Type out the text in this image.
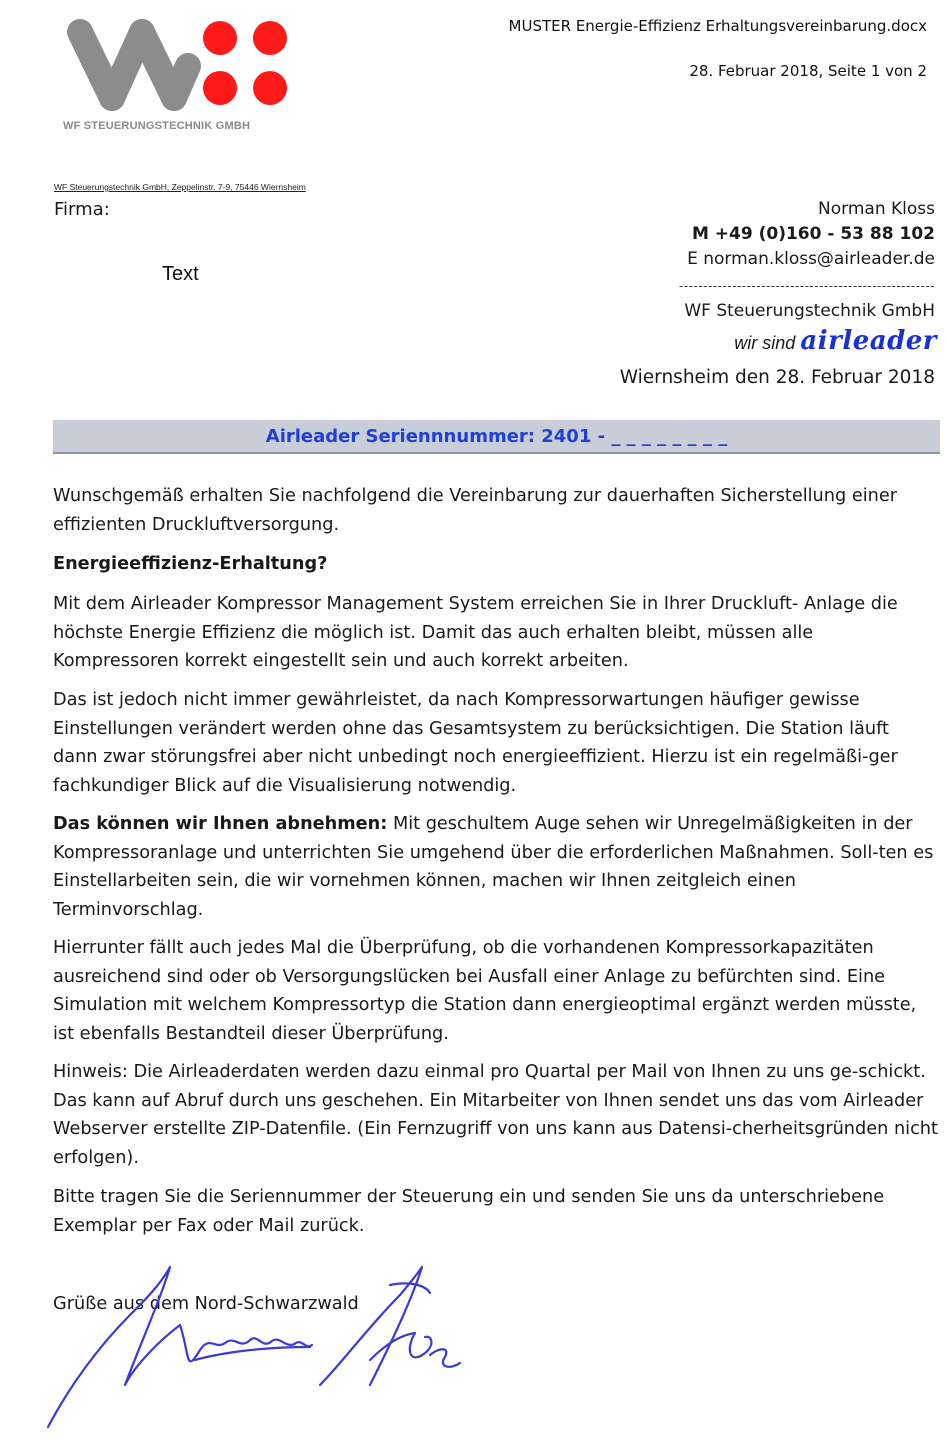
WF STEUERUNGSTECHNIK GMBH
MUSTER Energie-Effizienz Erhaltungsvereinbarung.docx
28. Februar 2018, Seite 1 von 2
WF Steuerungstechnik GmbH, Zeppelinstr. 7-9, 75446 Wiernsheim
Firma:
Text
Norman Kloss
M +49 (0)160 - 53 88 102
E norman.kloss@airleader.de
-----------------------------------------------------
WF Steuerungstechnik GmbH
wir sind airleader
Wiernsheim den 28. Februar 2018
Airleader Seriennnummer: 2401 - _ _ _ _ _ _ _ _

Wunschgemäß erhalten Sie nachfolgend die Vereinbarung zur dauerhaften Sicherstellung einer effizienten Druckluftversorgung.

Energieeffizienz-Erhaltung?

Mit dem Airleader Kompressor Management System erreichen Sie in Ihrer Druckluft- Anlage die höchste Energie Effizienz die möglich ist. Damit das auch erhalten bleibt, müssen alle Kompressoren korrekt eingestellt sein und auch korrekt arbeiten.

Das ist jedoch nicht immer gewährleistet, da nach Kompressorwartungen häufiger gewisse Einstellungen verändert werden ohne das Gesamtsystem zu berücksichtigen. Die Station läuft dann zwar störungsfrei aber nicht unbedingt noch energieeffizient. Hierzu ist ein regelmäßi-ger fachkundiger Blick auf die Visualisierung notwendig.

Das können wir Ihnen abnehmen: Mit geschultem Auge sehen wir Unregelmäßigkeiten in der Kompressoranlage und unterrichten Sie umgehend über die erforderlichen Maßnahmen. Soll-ten es Einstellarbeiten sein, die wir vornehmen können, machen wir Ihnen zeitgleich einen Terminvorschlag.

Hierrunter fällt auch jedes Mal die Überprüfung, ob die vorhandenen Kompressorkapazitäten ausreichend sind oder ob Versorgungslücken bei Ausfall einer Anlage zu befürchten sind. Eine Simulation mit welchem Kompressortyp die Station dann energieoptimal ergänzt werden müsste, ist ebenfalls Bestandteil dieser Überprüfung.

Hinweis: Die Airleaderdaten werden dazu einmal pro Quartal per Mail von Ihnen zu uns ge-schickt. Das kann auf Abruf durch uns geschehen. Ein Mitarbeiter von Ihnen sendet uns das vom Airleader Webserver erstellte ZIP-Datenfile. (Ein Fernzugriff von uns kann aus Datensi-cherheitsgründen nicht erfolgen).

Bitte tragen Sie die Seriennummer der Steuerung ein und senden Sie uns da unterschriebene Exemplar per Fax oder Mail zurück.

Grüße aus dem Nord-Schwarzwald
